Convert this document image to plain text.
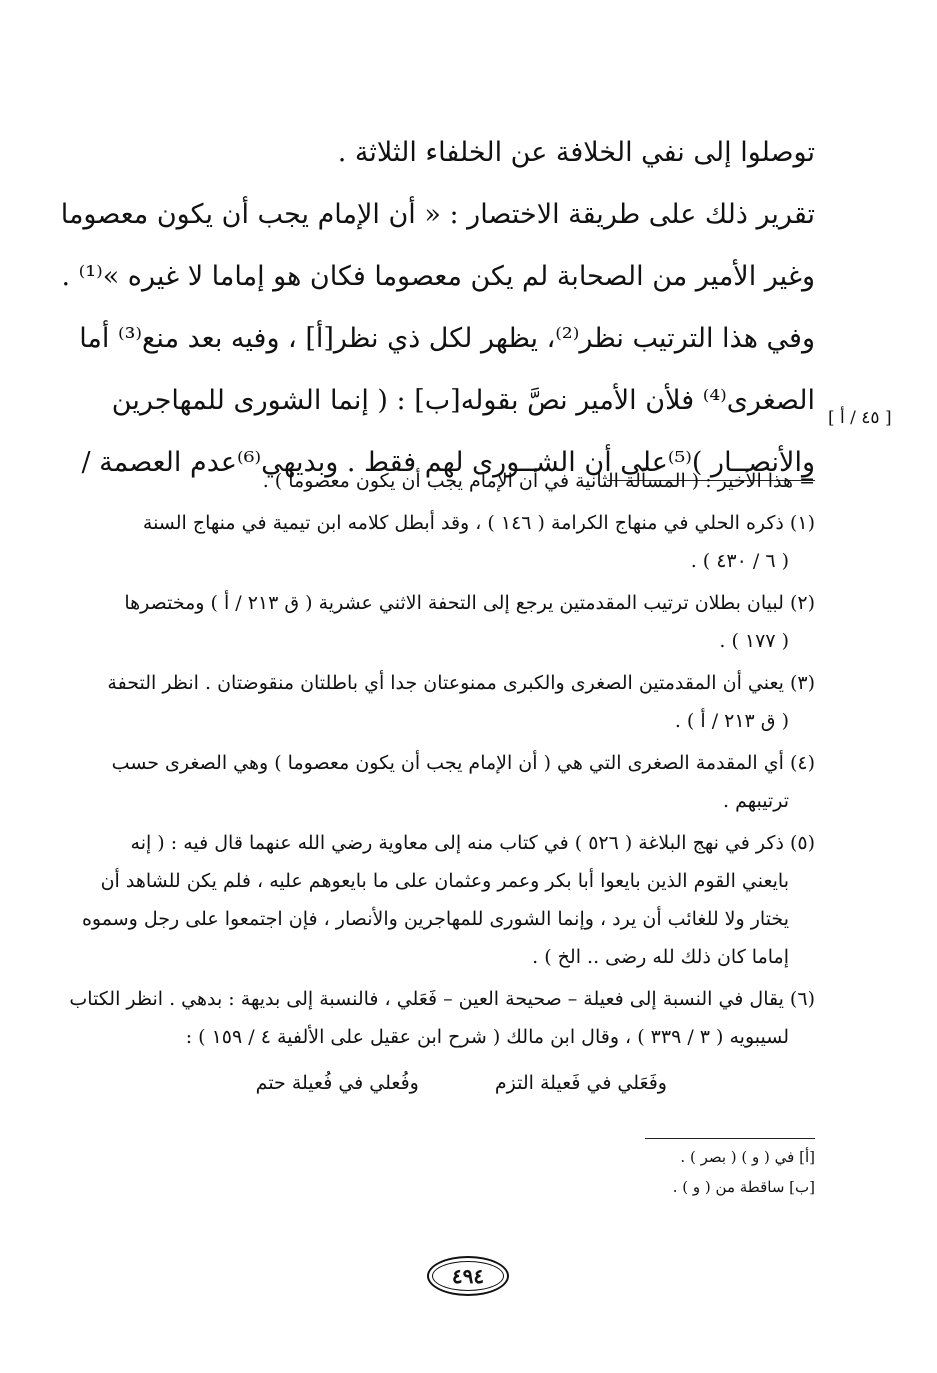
توصلوا إلى نفي الخلافة عن الخلفاء الثلاثة .
تقرير ذلك على طريقة الاختصار : « أن الإمام يجب أن يكون معصوما
وغير الأمير من الصحابة لم يكن معصوما فكان هو إماما لا غيره »⁽¹⁾ .
وفي هذا الترتيب نظر⁽²⁾، يظهر لكل ذي نظر[أ] ، وفيه بعد منع⁽³⁾ أما
الصغرى⁽⁴⁾ فلأن الأمير نصَّ بقوله[ب] : ( إنما الشورى للمهاجرين
والأنصــار )⁽⁵⁾على أن الشــورى لهم فقط . وبديهي⁽⁶⁾عدم العصمة /
[ ٤٥ / أ ]
= هذا الأخير : ( المسألة الثانية في أن الإمام يجب أن يكون معصوما ) .
(١) ذكره الحلي في منهاج الكرامة ( ١٤٦ ) ، وقد أبطل كلامه ابن تيمية في منهاج السنة
( ٦ / ٤٣٠ ) .
(٢) لبيان بطلان ترتيب المقدمتين يرجع إلى التحفة الاثني عشرية ( ق ٢١٣ / أ ) ومختصرها
( ١٧٧ ) .
(٣) يعني أن المقدمتين الصغرى والكبرى ممنوعتان جدا أي باطلتان منقوضتان . انظر التحفة
( ق ٢١٣ / أ ) .
(٤) أي المقدمة الصغرى التي هي ( أن الإمام يجب أن يكون معصوما ) وهي الصغرى حسب
ترتيبهم .
(٥) ذكر في نهج البلاغة ( ٥٢٦ ) في كتاب منه إلى معاوية رضي الله عنهما قال فيه : ( إنه
بايعني القوم الذين بايعوا أبا بكر وعمر وعثمان على ما بايعوهم عليه ، فلم يكن للشاهد أن
يختار ولا للغائب أن يرد ، وإنما الشورى للمهاجرين والأنصار ، فإن اجتمعوا على رجل وسموه
إماما كان ذلك لله رضى .. الخ ) .
(٦) يقال في النسبة إلى فعيلة – صحيحة العين – فَعَلي ، فالنسبة إلى بديهة : بدهي . انظر الكتاب
لسيبويه ( ٣ / ٣٣٩ ) ، وقال ابن مالك ( شرح ابن عقيل على الألفية ٤ / ١٥٩ ) :
وفَعَلي في فَعيلة التزم وفُعلي في فُعيلة حتم
[أ] في ( و ) ( بصر ) .
[ب] ساقطة من ( و ) .
٤٩٤
